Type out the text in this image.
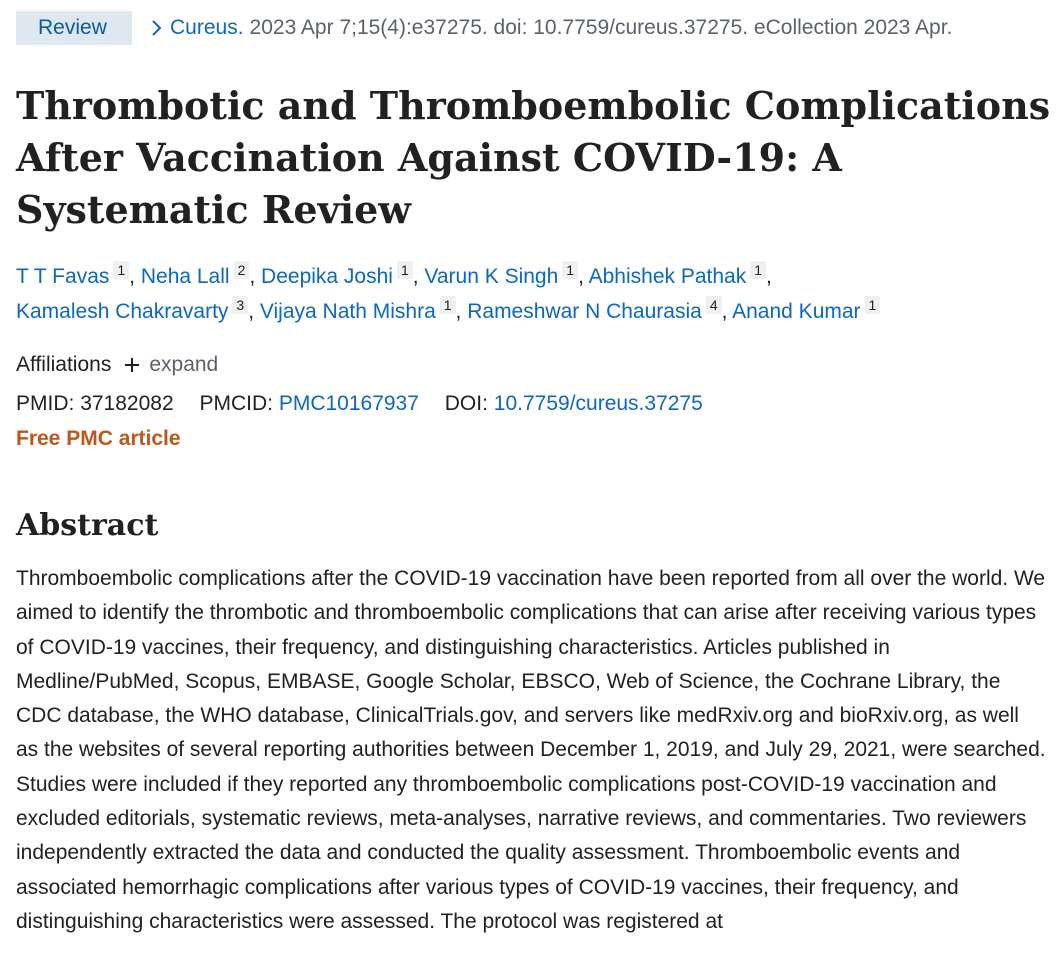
Review	Cureus. 2023 Apr 7;15(4):e37275. doi: 10.7759/cureus.37275. eCollection 2023 Apr.
Thrombotic and Thromboembolic Complications After Vaccination Against COVID-19: A Systematic Review
T T Favas 1 , Neha Lall 2 , Deepika Joshi 1 , Varun K Singh 1 , Abhishek Pathak 1 ,
Kamalesh Chakravarty 3 , Vijaya Nath Mishra 1 , Rameshwar N Chaurasia 4 , Anand Kumar 1
Affiliations expand
PMID: 37182082 PMCID: PMC10167937 DOI: 10.7759/cureus.37275
Free PMC article
Abstract

Thromboembolic complications after the COVID-19 vaccination have been reported from all over the world. We aimed to identify the thrombotic and thromboembolic complications that can arise after receiving various types of COVID-19 vaccines, their frequency, and distinguishing characteristics. Articles published in Medline/PubMed, Scopus, EMBASE, Google Scholar, EBSCO, Web of Science, the Cochrane Library, the CDC database, the WHO database, ClinicalTrials.gov, and servers like medRxiv.org and bioRxiv.org, as well as the websites of several reporting authorities between December 1, 2019, and July 29, 2021, were searched. Studies were included if they reported any thromboembolic complications post-COVID-19 vaccination and excluded editorials, systematic reviews, meta-analyses, narrative reviews, and commentaries. Two reviewers independently extracted the data and conducted the quality assessment. Thromboembolic events and associated hemorrhagic complications after various types of COVID-19 vaccines, their frequency, and distinguishing characteristics were assessed. The protocol was registered at
